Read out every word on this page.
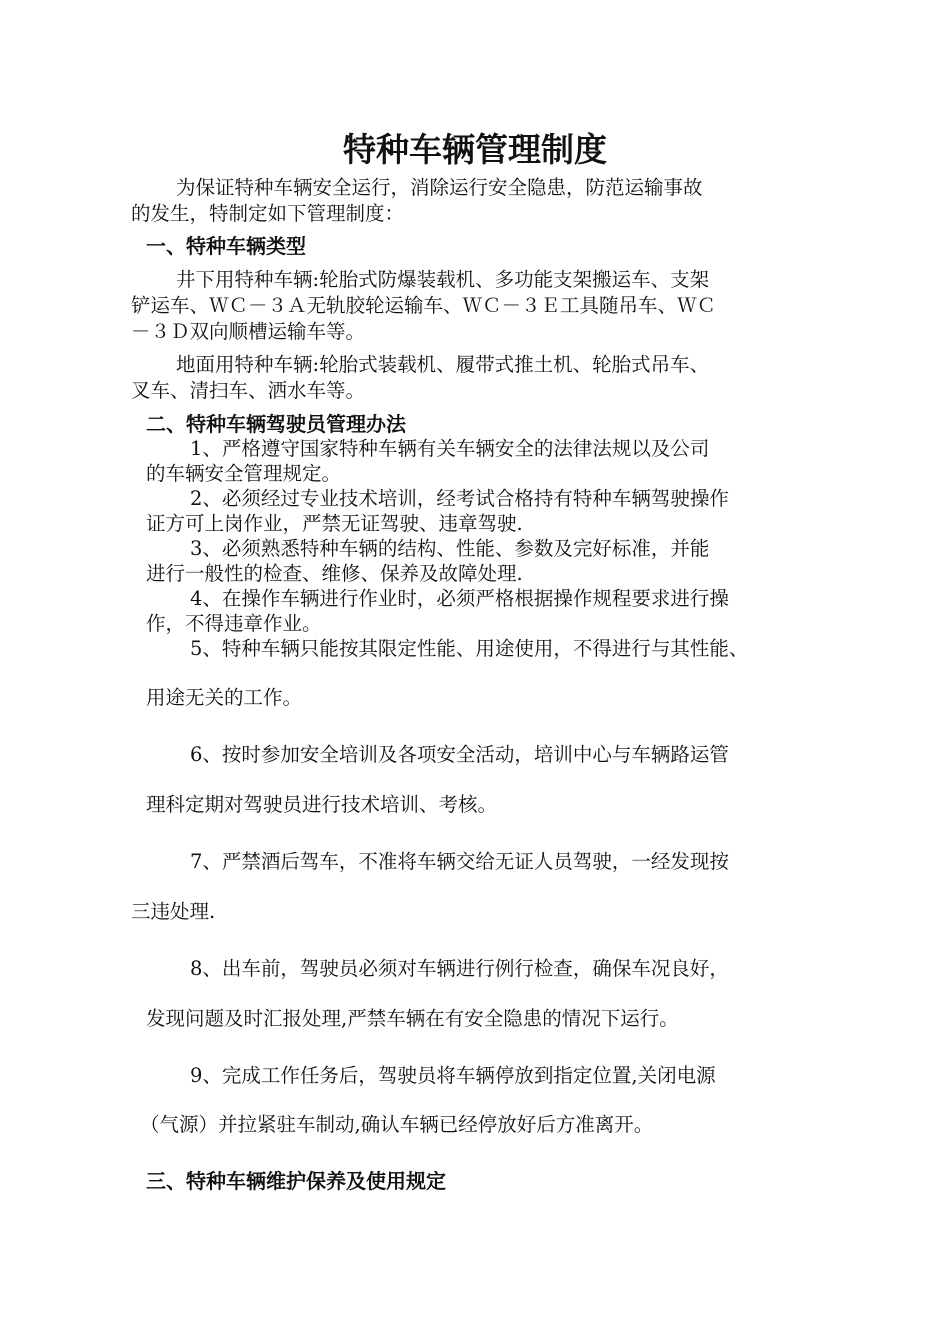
特种车辆管理制度
为保证特种车辆安全运行，消除运行安全隐患，防范运输事故
的发生，特制定如下管理制度：
一、特种车辆类型
井下用特种车辆:轮胎式防爆装载机、多功能支架搬运车、支架
铲运车、ＷＣ－３Ａ无轨胶轮运输车、ＷＣ－３Ｅ工具随吊车、ＷＣ
－３Ｄ双向顺槽运输车等。
地面用特种车辆:轮胎式装载机、履带式推土机、轮胎式吊车、
叉车、清扫车、洒水车等。
二、特种车辆驾驶员管理办法
1、严格遵守国家特种车辆有关车辆安全的法律法规以及公司
的车辆安全管理规定。
2、必须经过专业技术培训，经考试合格持有特种车辆驾驶操作
证方可上岗作业，严禁无证驾驶、违章驾驶.
3、必须熟悉特种车辆的结构、性能、参数及完好标准，并能
进行一般性的检查、维修、保养及故障处理.
4、在操作车辆进行作业时，必须严格根据操作规程要求进行操
作，不得违章作业。
5、特种车辆只能按其限定性能、用途使用，不得进行与其性能、
用途无关的工作。
6、按时参加安全培训及各项安全活动，培训中心与车辆路运管
理科定期对驾驶员进行技术培训、考核。
7、严禁酒后驾车，不准将车辆交给无证人员驾驶，一经发现按
三违处理.
8、出车前，驾驶员必须对车辆进行例行检查，确保车况良好，
发现问题及时汇报处理,严禁车辆在有安全隐患的情况下运行。
9、完成工作任务后，驾驶员将车辆停放到指定位置,关闭电源
（气源）并拉紧驻车制动,确认车辆已经停放好后方准离开。
三、特种车辆维护保养及使用规定
